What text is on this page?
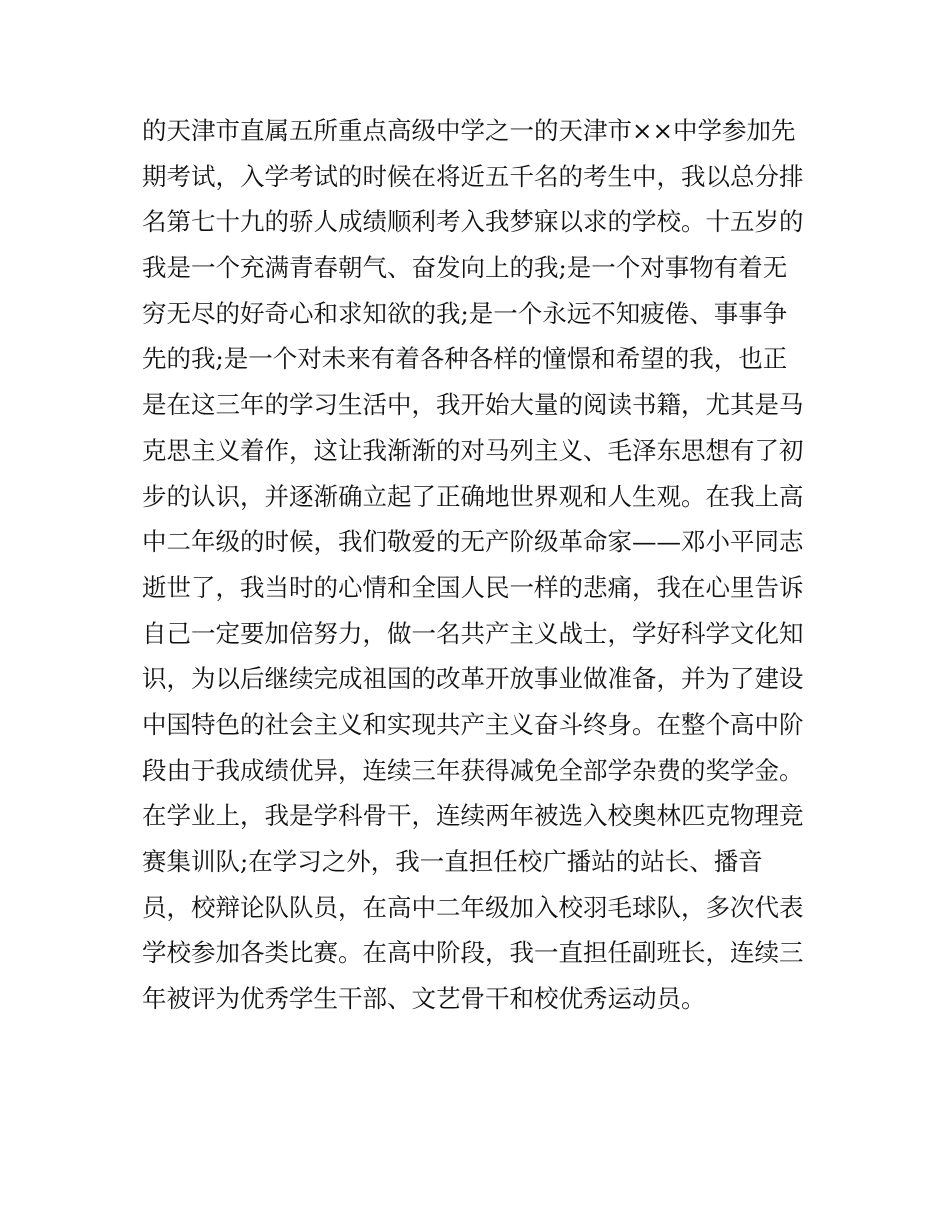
的天津市直属五所重点高级中学之一的天津市××中学参加先
期考试，入学考试的时候在将近五千名的考生中，我以总分排
名第七十九的骄人成绩顺利考入我梦寐以求的学校。十五岁的
我是一个充满青春朝气、奋发向上的我;是一个对事物有着无
穷无尽的好奇心和求知欲的我;是一个永远不知疲倦、事事争
先的我;是一个对未来有着各种各样的憧憬和希望的我，也正
是在这三年的学习生活中，我开始大量的阅读书籍，尤其是马
克思主义着作，这让我渐渐的对马列主义、毛泽东思想有了初
步的认识，并逐渐确立起了正确地世界观和人生观。在我上高
中二年级的时候，我们敬爱的无产阶级革命家——邓小平同志
逝世了，我当时的心情和全国人民一样的悲痛，我在心里告诉
自己一定要加倍努力，做一名共产主义战士，学好科学文化知
识，为以后继续完成祖国的改革开放事业做准备，并为了建设
中国特色的社会主义和实现共产主义奋斗终身。在整个高中阶
段由于我成绩优异，连续三年获得减免全部学杂费的奖学金。
在学业上，我是学科骨干，连续两年被选入校奥林匹克物理竞
赛集训队;在学习之外，我一直担任校广播站的站长、播音
员，校辩论队队员，在高中二年级加入校羽毛球队，多次代表
学校参加各类比赛。在高中阶段，我一直担任副班长，连续三
年被评为优秀学生干部、文艺骨干和校优秀运动员。
